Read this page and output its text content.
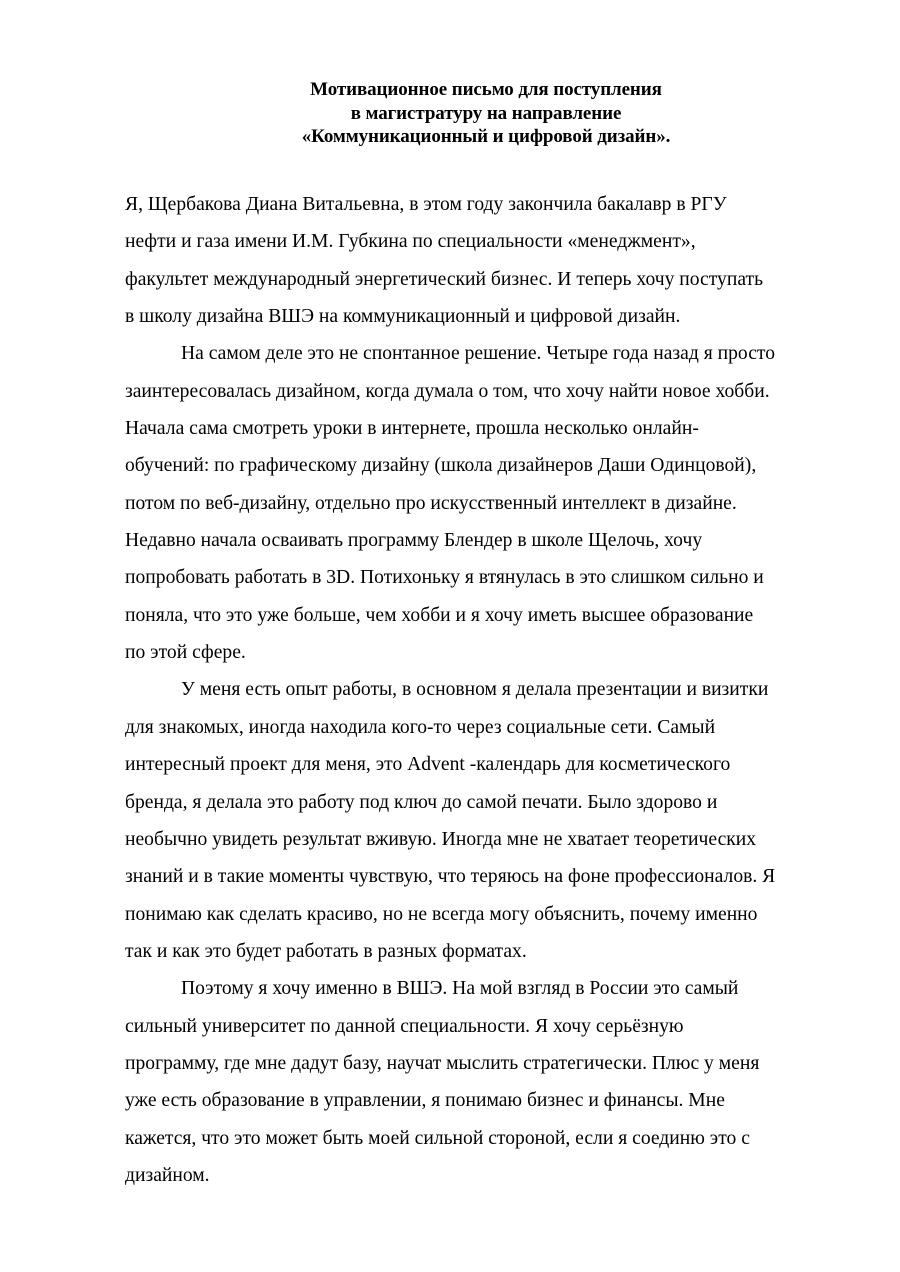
Мотивационное письмо для поступления
в магистратуру на направление
«Коммуникационный и цифровой дизайн».
Я, Щербакова Диана Витальевна, в этом году закончила бакалавр в РГУ
нефти и газа имени И.М. Губкина по специальности «менеджмент»,
факультет международный энергетический бизнес. И теперь хочу поступать
в школу дизайна ВШЭ на коммуникационный и цифровой дизайн.
На самом деле это не спонтанное решение. Четыре года назад я просто
заинтересовалась дизайном, когда думала о том, что хочу найти новое хобби.
Начала сама смотреть уроки в интернете, прошла несколько онлайн-
обучений: по графическому дизайну (школа дизайнеров Даши Одинцовой),
потом по веб-дизайну, отдельно про искусственный интеллект в дизайне.
Недавно начала осваивать программу Блендер в школе Щелочь, хочу
попробовать работать в 3D. Потихоньку я втянулась в это слишком сильно и
поняла, что это уже больше, чем хобби и я хочу иметь высшее образование
по этой сфере.
У меня есть опыт работы, в основном я делала презентации и визитки
для знакомых, иногда находила кого-то через социальные сети. Самый
интересный проект для меня, это Advent -календарь для косметического
бренда, я делала это работу под ключ до самой печати. Было здорово и
необычно увидеть результат вживую. Иногда мне не хватает теоретических
знаний и в такие моменты чувствую, что теряюсь на фоне профессионалов. Я
понимаю как сделать красиво, но не всегда могу объяснить, почему именно
так и как это будет работать в разных форматах.
Поэтому я хочу именно в ВШЭ. На мой взгляд в России это самый
сильный университет по данной специальности. Я хочу серьёзную
программу, где мне дадут базу, научат мыслить стратегически. Плюс у меня
уже есть образование в управлении, я понимаю бизнес и финансы. Мне
кажется, что это может быть моей сильной стороной, если я соединю это с
дизайном.
